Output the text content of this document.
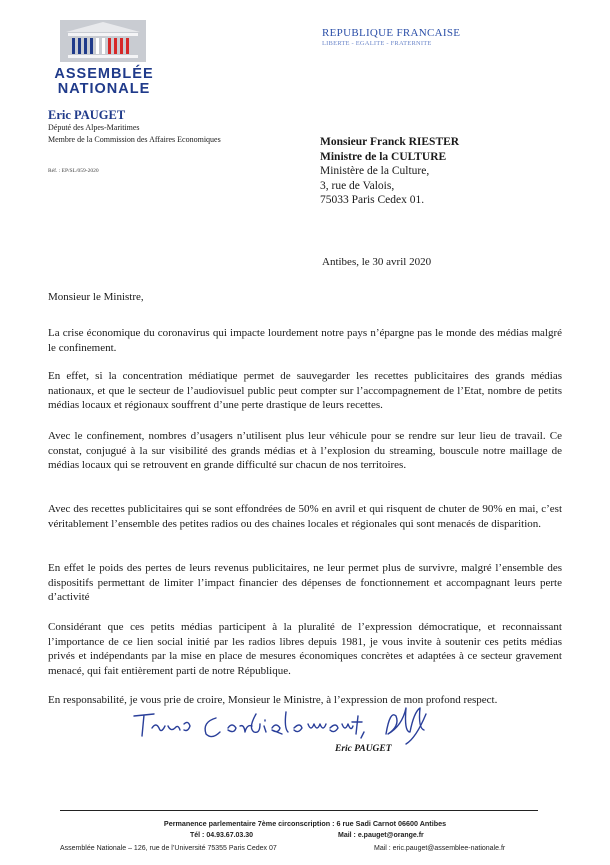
ASSEMBLÉE
NATIONALE
Eric PAUGET
Député des Alpes-Maritimes
Membre de la Commission des Affaires Economiques
Réf. : EP/SL/059-2020
REPUBLIQUE FRANCAISE
LIBERTE - EGALITE - FRATERNITE
Monsieur Franck RIESTER
Ministre de la CULTURE
Ministère de la Culture,
3, rue de Valois,
75033 Paris Cedex 01.
Antibes, le 30 avril 2020
Monsieur le Ministre,
La crise économique du coronavirus qui impacte lourdement notre pays n’épargne pas le monde des médias malgré le confinement.
En effet, si la concentration médiatique permet de sauvegarder les recettes publicitaires des grands médias nationaux, et que le secteur de l’audiovisuel public peut compter sur l’accompagnement de l’Etat, nombre de petits médias locaux et régionaux souffrent d’une perte drastique de leurs recettes.
Avec le confinement, nombres d’usagers n’utilisent plus leur véhicule pour se rendre sur leur lieu de travail. Ce constat, conjugué à la sur visibilité des grands médias et à l’explosion du streaming, bouscule notre maillage de médias locaux qui se retrouvent en grande difficulté sur chacun de nos territoires.
Avec des recettes publicitaires qui se sont effondrées de 50% en avril et qui risquent de chuter de 90% en mai, c’est véritablement l’ensemble des petites radios ou des chaines locales et régionales qui sont menacés de disparition.
En effet le poids des pertes de leurs revenus publicitaires, ne leur permet plus de survivre, malgré l’ensemble des dispositifs permettant de limiter l’impact financier des dépenses de fonctionnement et accompagnant leurs perte d’activité
Considérant que ces petits médias participent à la pluralité de l’expression démocratique, et reconnaissant l’importance de ce lien social initié par les radios libres depuis 1981, je vous invite à soutenir ces petits médias privés et indépendants par la mise en place de mesures économiques concrètes et adaptées à ce secteur gravement menacé, qui fait entièrement parti de notre République.
En responsabilité, je vous prie de croire, Monsieur le Ministre, à l’expression de mon profond respect.
Eric PAUGET
Permanence parlementaire 7ème circonscription : 6 rue Sadi Carnot 06600 Antibes
Tél : 04.93.67.03.30	Mail : e.pauget@orange.fr
Assemblée Nationale – 126, rue de l’Université 75355 Paris Cedex 07	Mail : eric.pauget@assemblee-nationale.fr
